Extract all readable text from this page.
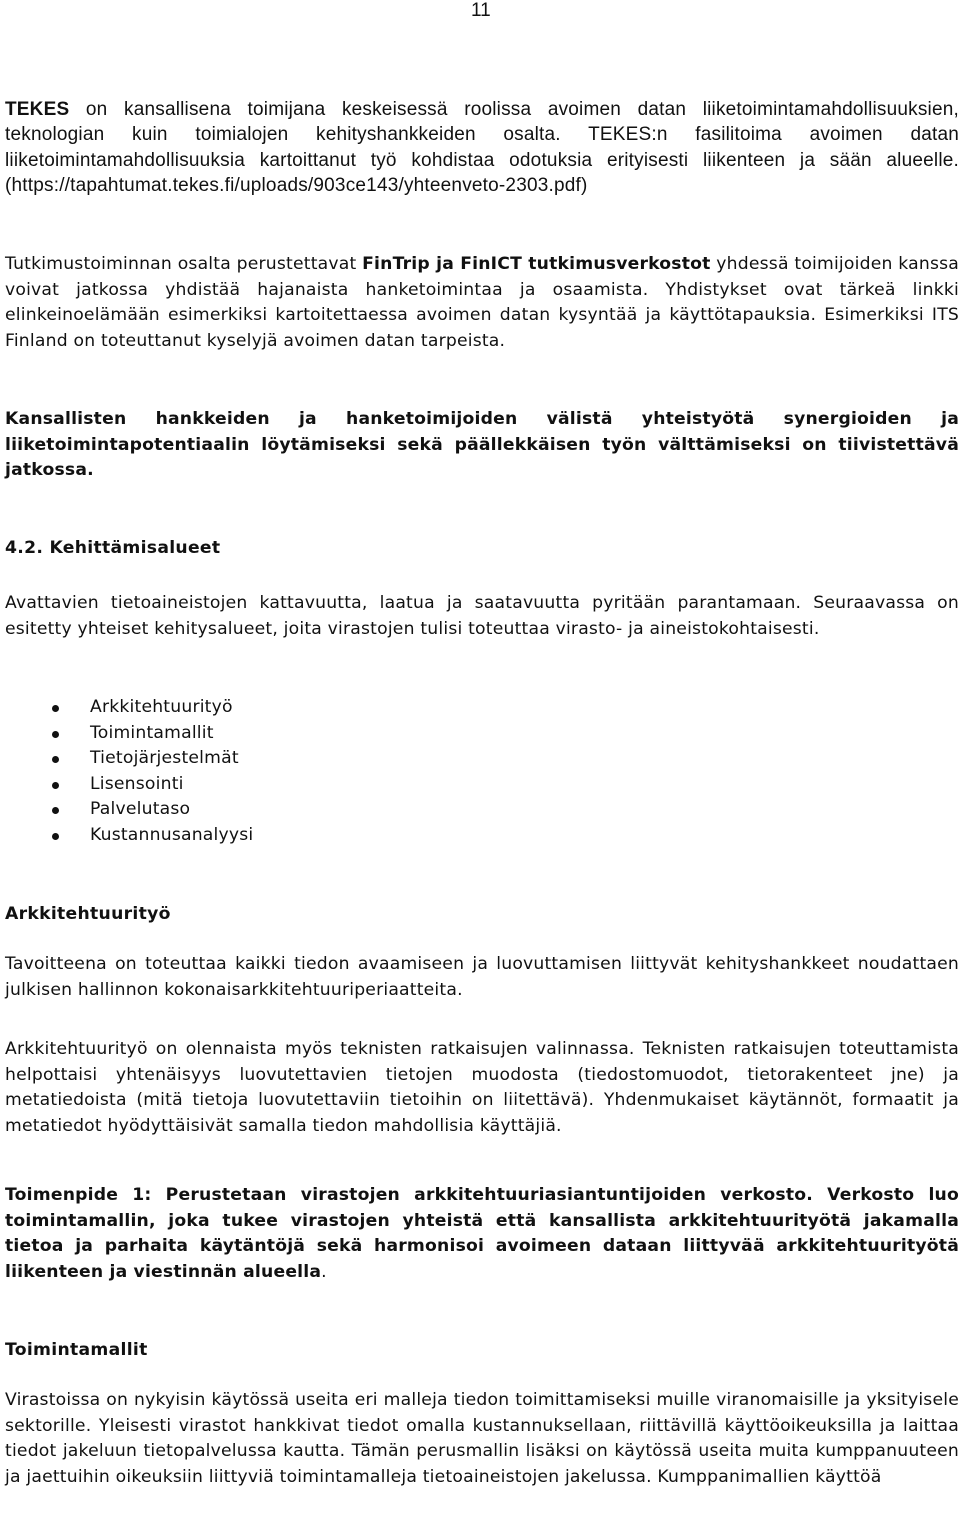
11

TEKES on kansallisena toimijana keskeisessä roolissa avoimen datan liiketoimintamahdollisuuksien, teknologian kuin toimialojen kehityshankkeiden osalta. TEKES:n fasilitoima avoimen datan liiketoimintamahdollisuuksia kartoittanut työ kohdistaa odotuksia erityisesti liikenteen ja sään alueelle. (https://tapahtumat.tekes.fi/uploads/903ce143/yhteenveto-2303.pdf)

Tutkimustoiminnan osalta perustettavat FinTrip ja FinICT tutkimusverkostot yhdessä toimijoiden kanssa voivat jatkossa yhdistää hajanaista hanketoimintaa ja osaamista. Yhdistykset ovat tärkeä linkki elinkeinoelämään esimerkiksi kartoitettaessa avoimen datan kysyntää ja käyttötapauksia. Esimerkiksi ITS Finland on toteuttanut kyselyjä avoimen datan tarpeista.

Kansallisten hankkeiden ja hanketoimijoiden välistä yhteistyötä synergioiden ja liiketoimintapotentiaalin löytämiseksi sekä päällekkäisen työn välttämiseksi on tiivistettävä jatkossa.

4.2. Kehittämisalueet

Avattavien tietoaineistojen kattavuutta, laatua ja saatavuutta pyritään parantamaan. Seuraavassa on esitetty yhteiset kehitysalueet, joita virastojen tulisi toteuttaa virasto- ja aineistokohtaisesti.

Arkkitehtuurityö
Toimintamallit
Tietojärjestelmät
Lisensointi
Palvelutaso
Kustannusanalyysi
Arkkitehtuurityö

Tavoitteena on toteuttaa kaikki tiedon avaamiseen ja luovuttamisen liittyvät kehityshankkeet noudattaen julkisen hallinnon kokonaisarkkitehtuuriperiaatteita.

Arkkitehtuurityö on olennaista myös teknisten ratkaisujen valinnassa. Teknisten ratkaisujen toteuttamista helpottaisi yhtenäisyys luovutettavien tietojen muodosta (tiedostomuodot, tietorakenteet jne) ja metatiedoista (mitä tietoja luovutettaviin tietoihin on liitettävä). Yhdenmukaiset käytännöt, formaatit ja metatiedot hyödyttäisivät samalla tiedon mahdollisia käyttäjiä.

Toimenpide 1: Perustetaan virastojen arkkitehtuuriasiantuntijoiden verkosto. Verkosto luo toimintamallin, joka tukee virastojen yhteistä että kansallista arkkitehtuurityötä jakamalla tietoa ja parhaita käytäntöjä sekä harmonisoi avoimeen dataan liittyvää arkkitehtuurityötä liikenteen ja viestinnän alueella.

Toimintamallit

Virastoissa on nykyisin käytössä useita eri malleja tiedon toimittamiseksi muille viranomaisille ja yksityisele sektorille. Yleisesti virastot hankkivat tiedot omalla kustannuksellaan, riittävillä käyttöoikeuksilla ja laittaa tiedot jakeluun tietopalvelussa kautta. Tämän perusmallin lisäksi on käytössä useita muita kumppanuuteen ja jaettuihin oikeuksiin liittyviä toimintamalleja tietoaineistojen jakelussa. Kumppanimallien käyttöä
